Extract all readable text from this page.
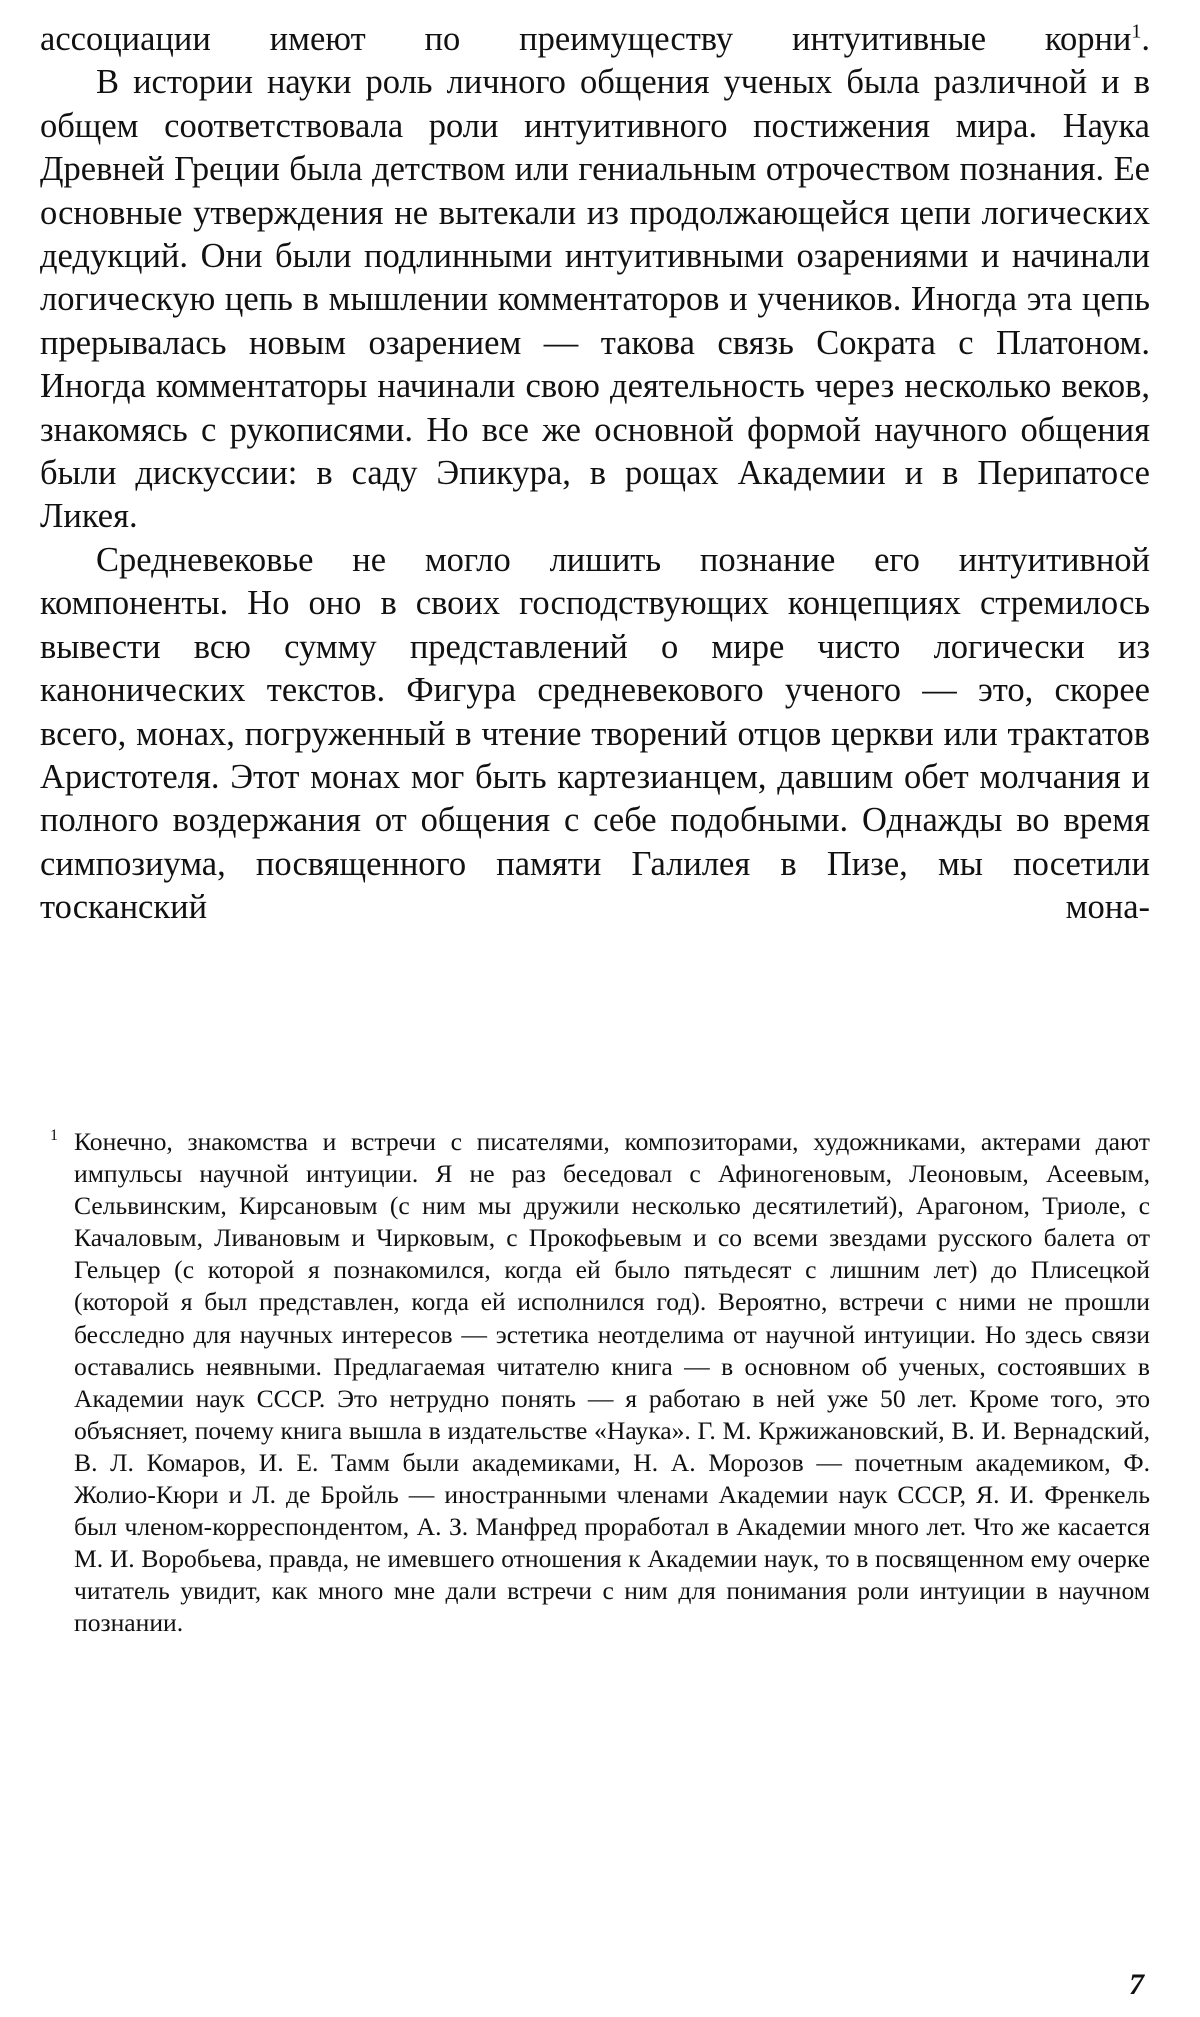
ассоциации имеют по преимуществу интуитивные корни$^1$.

В истории науки роль личного общения ученых была различной и в общем соответствовала роли интуитивного постижения мира. Наука Древней Греции была детством или гениальным отрочеством познания. Ее основные утверждения не вытекали из продолжающейся цепи логических дедукций. Они были подлинными интуитивными озарениями и начинали логическую цепь в мышлении комментаторов и учеников. Иногда эта цепь прерывалась новым озарением — такова связь Сократа с Платоном. Иногда комментаторы начинали свою деятельность через несколько веков, знакомясь с рукописями. Но все же основной формой научного общения были дискуссии: в саду Эпикура, в рощах Академии и в Перипатосе Ликея.

Средневековье не могло лишить познание его интуитивной компоненты. Но оно в своих господствующих концепциях стремилось вывести всю сумму представлений о мире чисто логически из канонических текстов. Фигура средневекового ученого — это, скорее всего, монах, погруженный в чтение творений отцов церкви или трактатов Аристотеля. Этот монах мог быть картезианцем, давшим обет молчания и полного воздержания от общения с себе подобными. Однажды во время симпозиума, посвященного памяти Галилея в Пизе, мы посетили тосканский мона-

1 Конечно, знакомства и встречи с писателями, композиторами, художниками, актерами дают импульсы научной интуиции. Я не раз беседовал с Афиногеновым, Леоновым, Асеевым, Сельвинским, Кирсановым (с ним мы дружили несколько десятилетий), Арагоном, Триоле, с Качаловым, Ливановым и Чирковым, с Прокофьевым и со всеми звездами русского балета от Гельцер (с которой я познакомился, когда ей было пятьдесят с лишним лет) до Плисецкой (которой я был представлен, когда ей исполнился год). Вероятно, встречи с ними не прошли бесследно для научных интересов — эстетика неотделима от научной интуиции. Но здесь связи оставались неявными. Предлагаемая читателю книга — в основном об ученых, состоявших в Академии наук СССР. Это нетрудно понять — я работаю в ней уже 50 лет. Кроме того, это объясняет, почему книга вышла в издательстве «Наука». Г. М. Кржижановский, В. И. Вернадский, В. Л. Комаров, И. Е. Тамм были академиками, Н. А. Морозов — почетным академиком, Ф. Жолио-Кюри и Л. де Бройль — иностранными членами Академии наук СССР, Я. И. Френкель был членом-корреспондентом, А. З. Манфред проработал в Академии много лет. Что же касается М. И. Воробьева, правда, не имевшего отношения к Академии наук, то в посвященном ему очерке читатель увидит, как много мне дали встречи с ним для понимания роли интуиции в научном познании.

7
